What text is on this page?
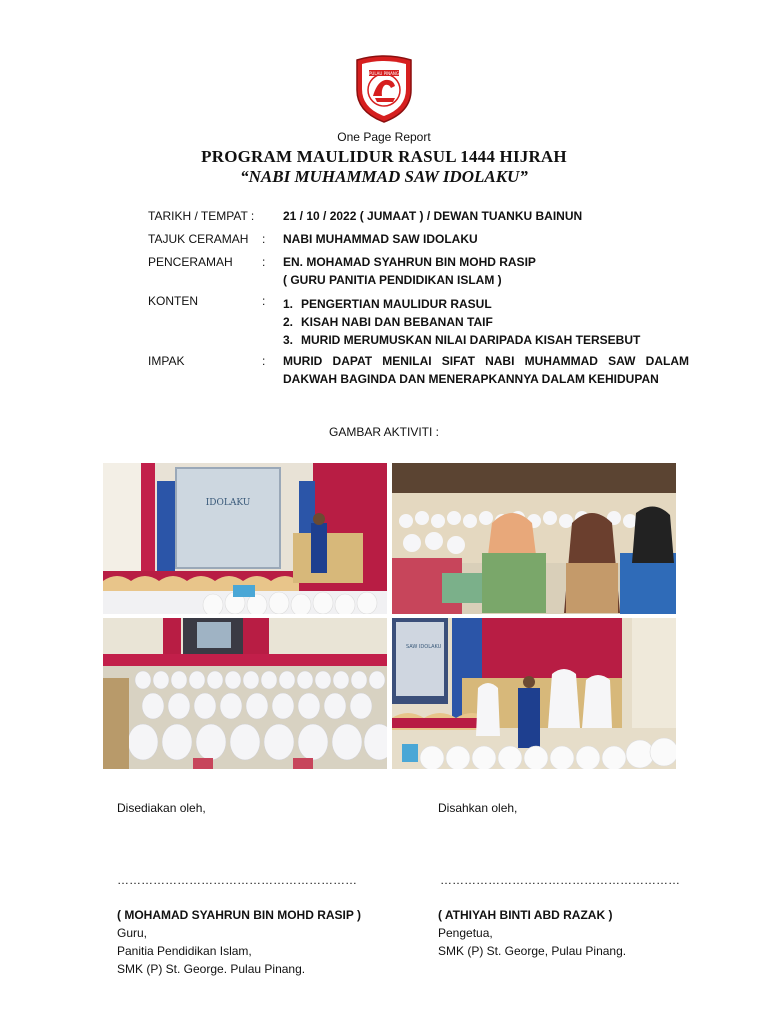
PULAU PINANG
One Page Report
PROGRAM MAULIDUR RASUL 1444 HIJRAH
“NABI MUHAMMAD SAW IDOLAKU”
TARIKH / TEMPAT :	21 / 10 / 2022 ( JUMAAT ) / DEWAN TUANKU BAINUN
TAJUK CERAMAH	:	NABI MUHAMMAD SAW IDOLAKU
PENCERAMAH	:	EN. MOHAMAD SYAHRUN BIN MOHD RASIP
( GURU PANITIA PENDIDIKAN ISLAM )
KONTEN	:	1. PENGERTIAN MAULIDUR RASUL
2. KISAH NABI DAN BEBANAN TAIF
3. MURID MERUMUSKAN NILAI DARIPADA KISAH TERSEBUT
IMPAK	:	MURID DAPAT MENILAI SIFAT NABI MUHAMMAD SAW DALAM DAKWAH BAGINDA DAN MENERAPKANNYA DALAM KEHIDUPAN
GAMBAR AKTIVITI :
IDOLAKU
SAW IDOLAKU
Disediakan oleh,	Disahkan oleh,
……………………………………………………	……………………………………………………
( MOHAMAD SYAHRUN BIN MOHD RASIP )
Guru,
Panitia Pendidikan Islam,
SMK (P) St. George. Pulau Pinang.
( ATHIYAH BINTI ABD RAZAK )
Pengetua,
SMK (P) St. George, Pulau Pinang.
